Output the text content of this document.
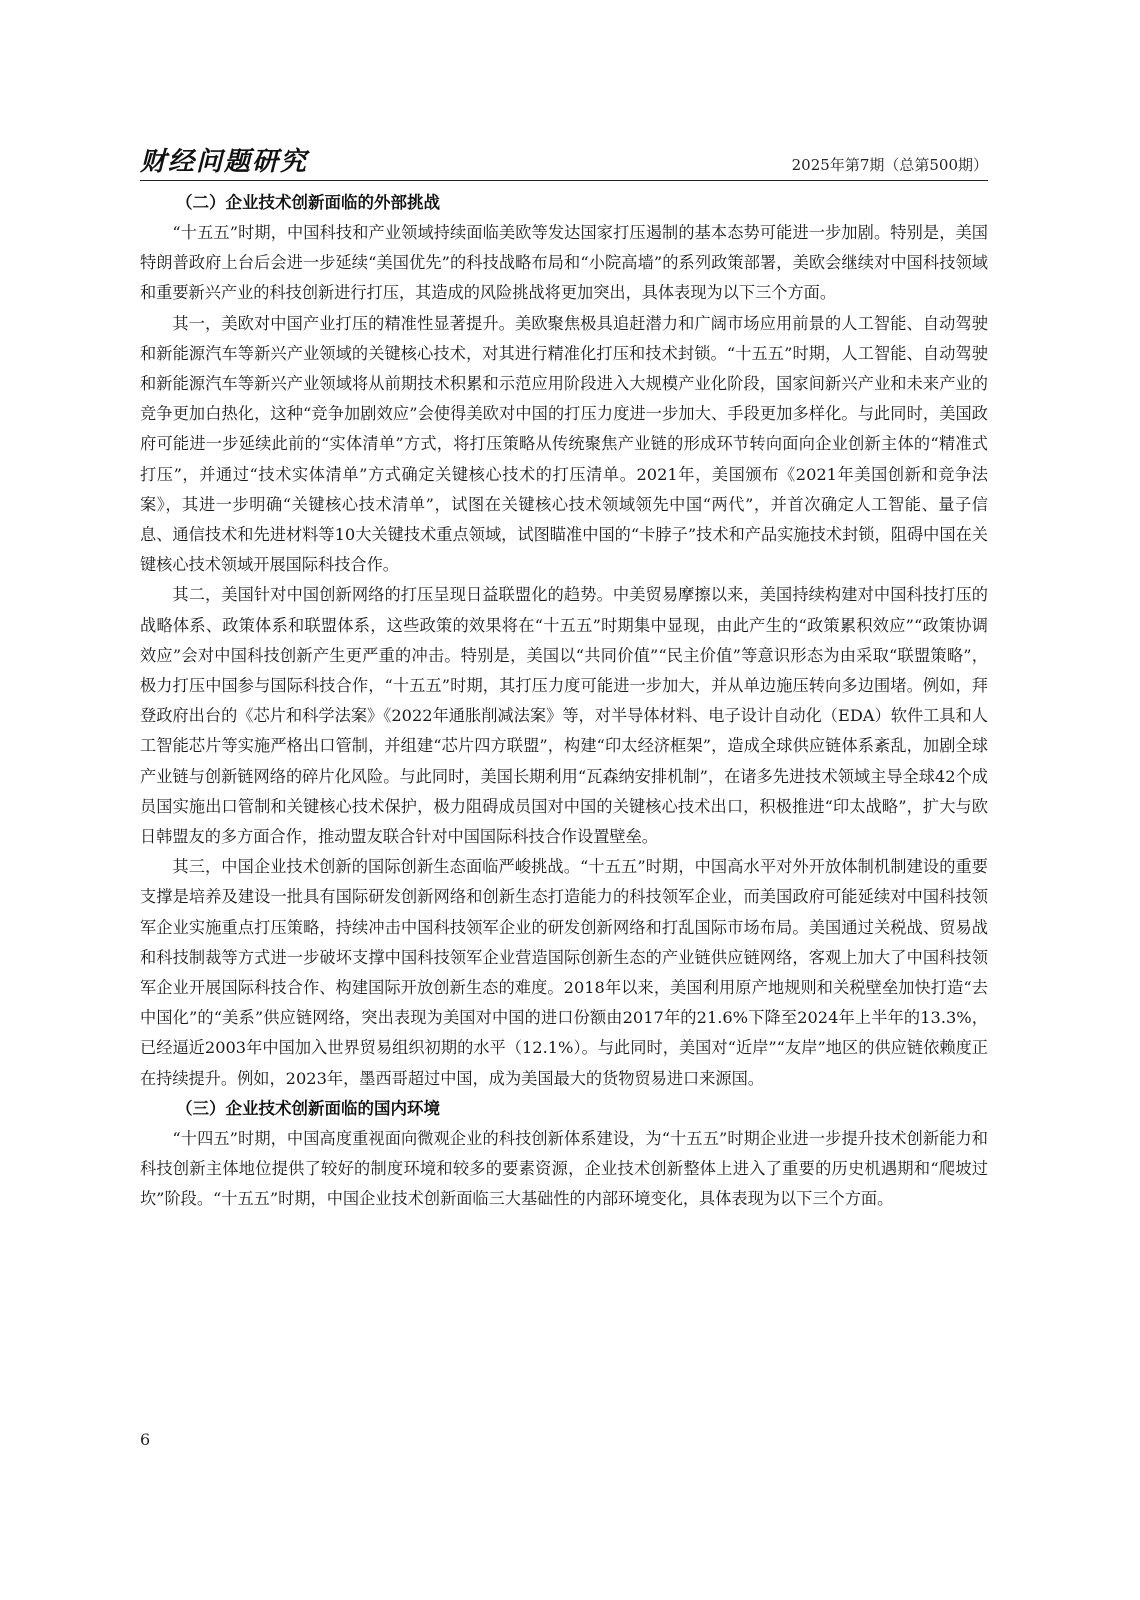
财经问题研究	2025年第7期（总第500期）
（二）企业技术创新面临的外部挑战

“十五五”时期，中国科技和产业领域持续面临美欧等发达国家打压遏制的基本态势可能进一步加剧。特别是，美国特朗普政府上台后会进一步延续“美国优先”的科技战略布局和“小院高墙”的系列政策部署，美欧会继续对中国科技领域和重要新兴产业的科技创新进行打压，其造成的风险挑战将更加突出，具体表现为以下三个方面。

其一，美欧对中国产业打压的精准性显著提升。美欧聚焦极具追赶潜力和广阔市场应用前景的人工智能、自动驾驶和新能源汽车等新兴产业领域的关键核心技术，对其进行精准化打压和技术封锁。“十五五”时期，人工智能、自动驾驶和新能源汽车等新兴产业领域将从前期技术积累和示范应用阶段进入大规模产业化阶段，国家间新兴产业和未来产业的竞争更加白热化，这种“竞争加剧效应”会使得美欧对中国的打压力度进一步加大、手段更加多样化。与此同时，美国政府可能进一步延续此前的“实体清单”方式，将打压策略从传统聚焦产业链的形成环节转向面向企业创新主体的“精准式打压”，并通过“技术实体清单”方式确定关键核心技术的打压清单。2021年，美国颁布《2021年美国创新和竞争法案》，其进一步明确“关键核心技术清单”，试图在关键核心技术领域领先中国“两代”，并首次确定人工智能、量子信息、通信技术和先进材料等10大关键技术重点领域，试图瞄准中国的“卡脖子”技术和产品实施技术封锁，阻碍中国在关键核心技术领域开展国际科技合作。

其二，美国针对中国创新网络的打压呈现日益联盟化的趋势。中美贸易摩擦以来，美国持续构建对中国科技打压的战略体系、政策体系和联盟体系，这些政策的效果将在“十五五”时期集中显现，由此产生的“政策累积效应”“政策协调效应”会对中国科技创新产生更严重的冲击。特别是，美国以“共同价值”“民主价值”等意识形态为由采取“联盟策略”，极力打压中国参与国际科技合作，“十五五”时期，其打压力度可能进一步加大，并从单边施压转向多边围堵。例如，拜登政府出台的《芯片和科学法案》《2022年通胀削减法案》等，对半导体材料、电子设计自动化（EDA）软件工具和人工智能芯片等实施严格出口管制，并组建“芯片四方联盟”，构建“印太经济框架”，造成全球供应链体系紊乱，加剧全球产业链与创新链网络的碎片化风险。与此同时，美国长期利用“瓦森纳安排机制”，在诸多先进技术领域主导全球42个成员国实施出口管制和关键核心技术保护，极力阻碍成员国对中国的关键核心技术出口，积极推进“印太战略”，扩大与欧日韩盟友的多方面合作，推动盟友联合针对中国国际科技合作设置壁垒。

其三，中国企业技术创新的国际创新生态面临严峻挑战。“十五五”时期，中国高水平对外开放体制机制建设的重要支撑是培养及建设一批具有国际研发创新网络和创新生态打造能力的科技领军企业，而美国政府可能延续对中国科技领军企业实施重点打压策略，持续冲击中国科技领军企业的研发创新网络和打乱国际市场布局。美国通过关税战、贸易战和科技制裁等方式进一步破坏支撑中国科技领军企业营造国际创新生态的产业链供应链网络，客观上加大了中国科技领军企业开展国际科技合作、构建国际开放创新生态的难度。2018年以来，美国利用原产地规则和关税壁垒加快打造“去中国化”的“美系”供应链网络，突出表现为美国对中国的进口份额由2017年的21.6%下降至2024年上半年的13.3%，已经逼近2003年中国加入世界贸易组织初期的水平（12.1%）。与此同时，美国对“近岸”“友岸”地区的供应链依赖度正在持续提升。例如，2023年，墨西哥超过中国，成为美国最大的货物贸易进口来源国。

（三）企业技术创新面临的国内环境

“十四五”时期，中国高度重视面向微观企业的科技创新体系建设，为“十五五”时期企业进一步提升技术创新能力和科技创新主体地位提供了较好的制度环境和较多的要素资源，企业技术创新整体上进入了重要的历史机遇期和“爬坡过坎”阶段。“十五五”时期，中国企业技术创新面临三大基础性的内部环境变化，具体表现为以下三个方面。

6
